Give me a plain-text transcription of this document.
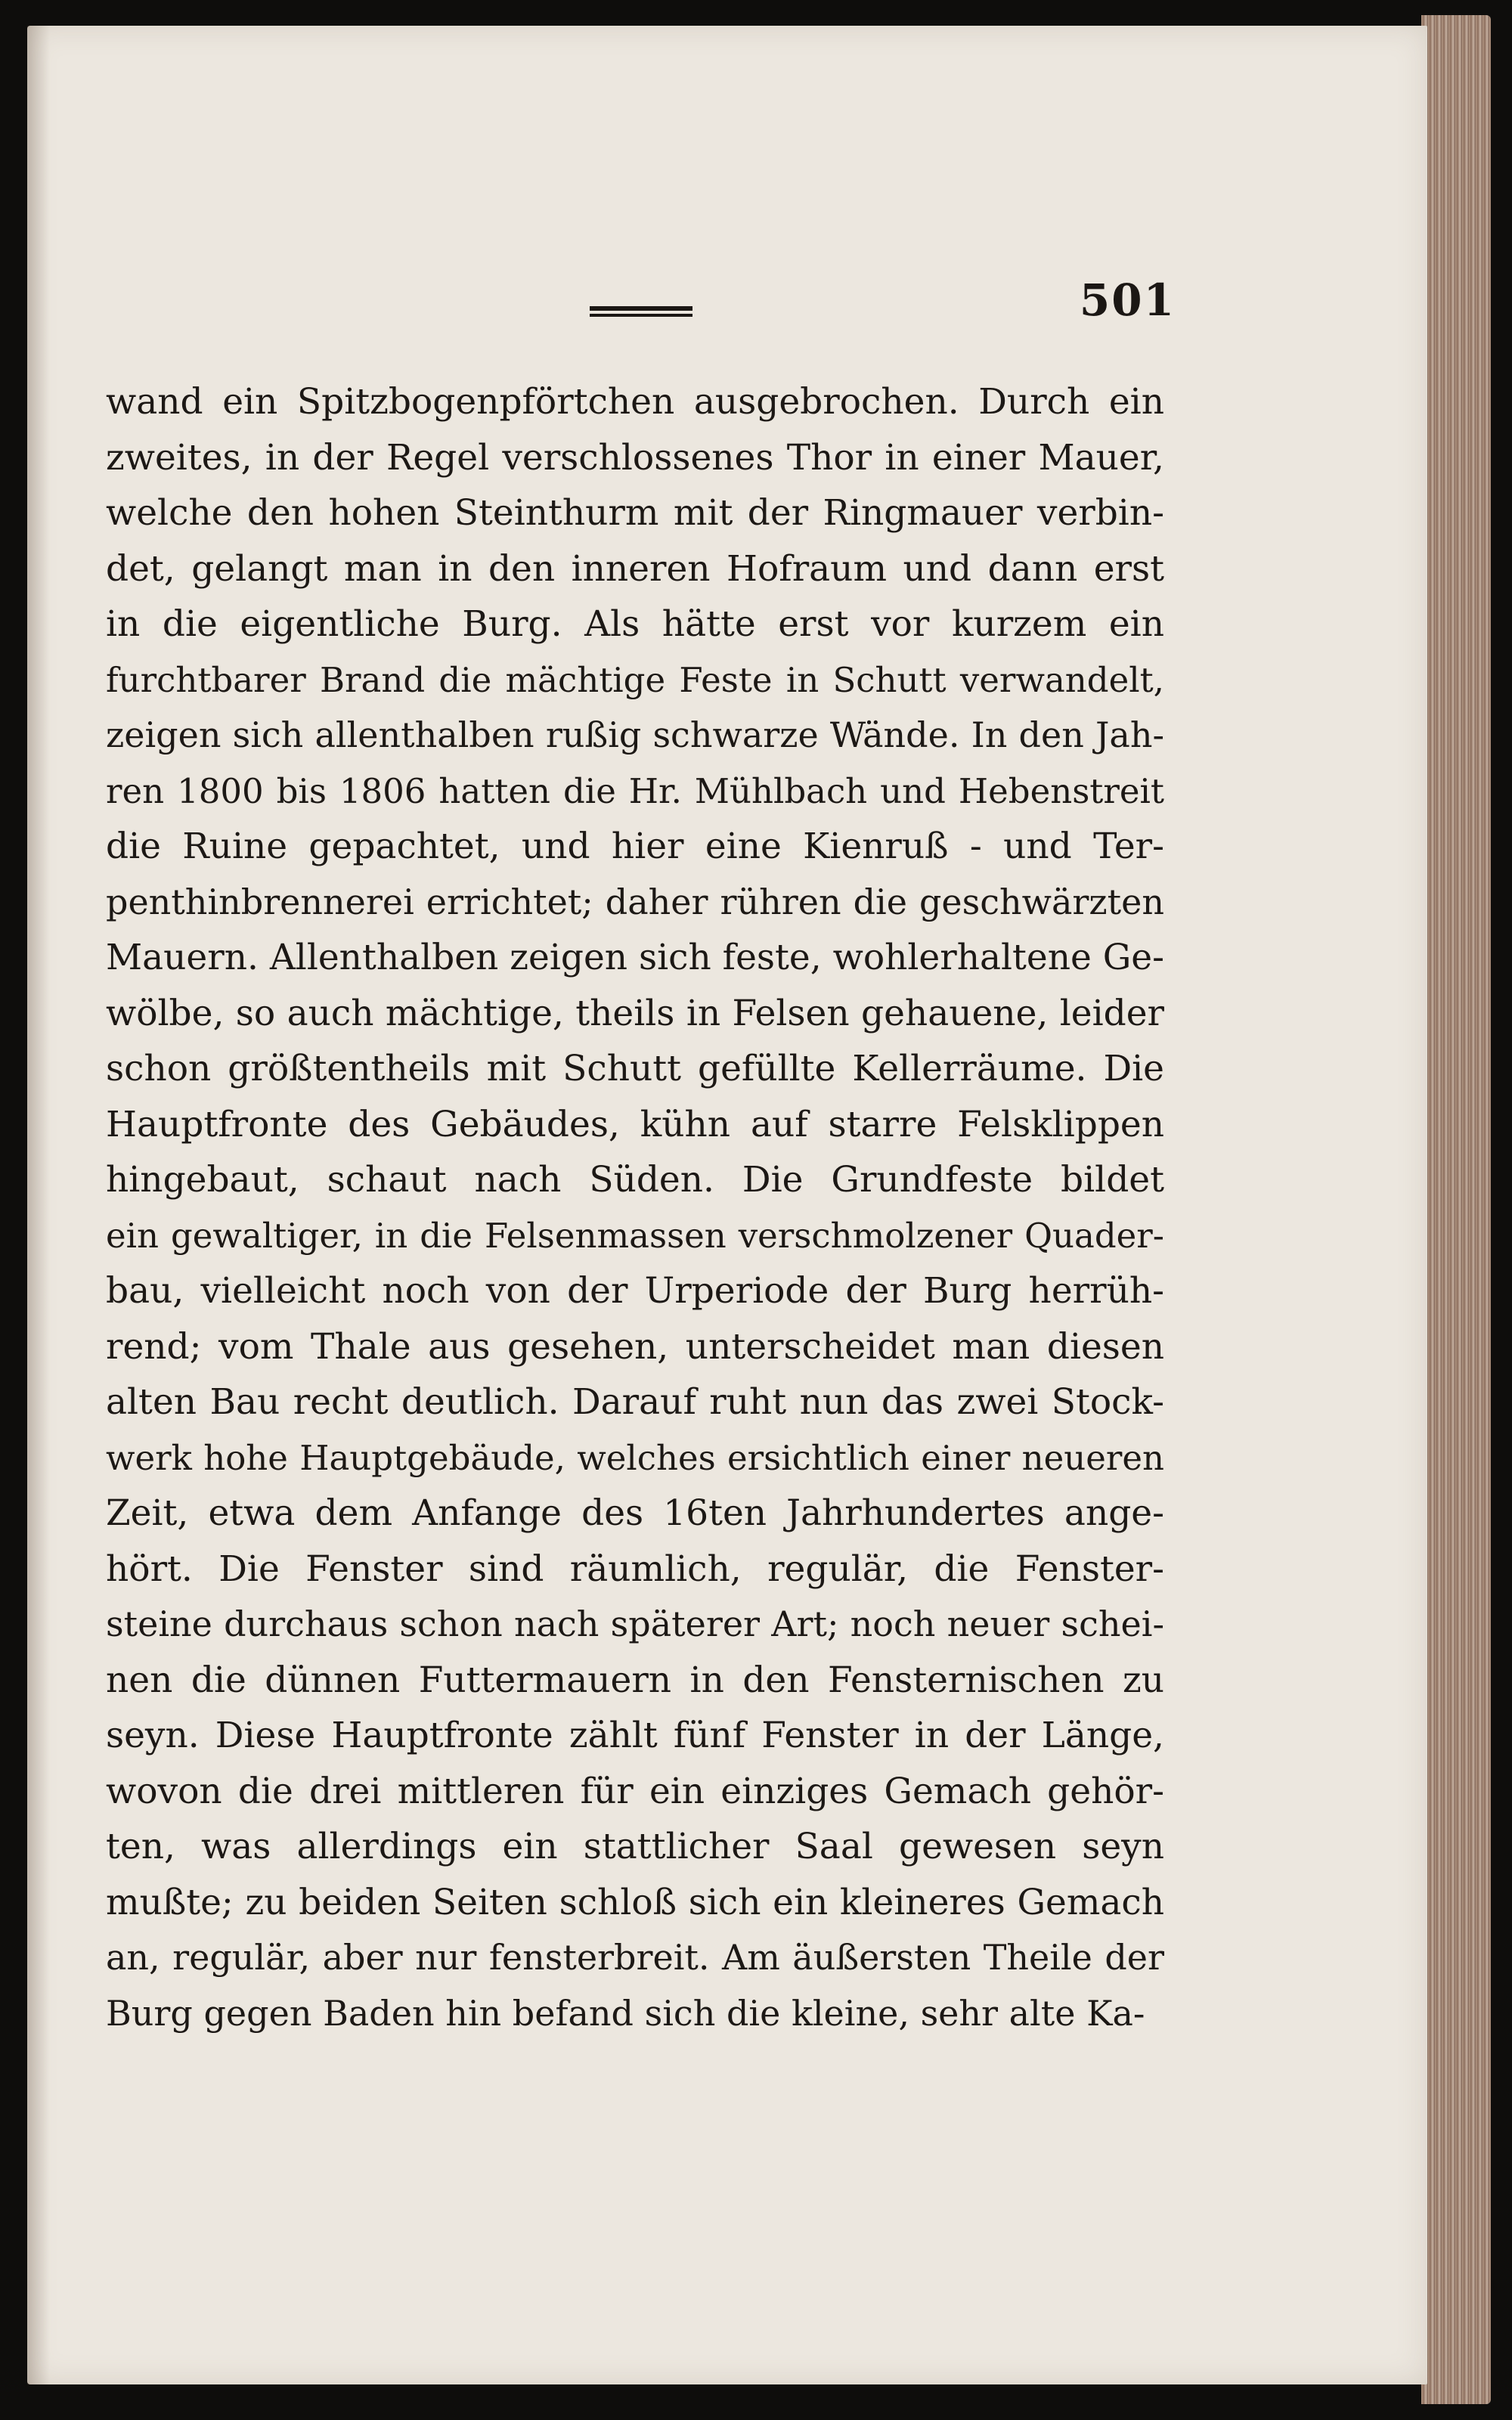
501
wand ein Spitzbogenpförtchen ausgebrochen. Durch ein
zweites, in der Regel verschlossenes Thor in einer Mauer,
welche den hohen Steinthurm mit der Ringmauer verbin-
det, gelangt man in den inneren Hofraum und dann erst
in die eigentliche Burg. Als hätte erst vor kurzem ein
furchtbarer Brand die mächtige Feste in Schutt verwandelt,
zeigen sich allenthalben rußig schwarze Wände. In den Jah-
ren 1800 bis 1806 hatten die Hr. Mühlbach und Hebenstreit
die Ruine gepachtet, und hier eine Kienruß - und Ter-
penthinbrennerei errichtet; daher rühren die geschwärzten
Mauern. Allenthalben zeigen sich feste, wohlerhaltene Ge-
wölbe, so auch mächtige, theils in Felsen gehauene, leider
schon größtentheils mit Schutt gefüllte Kellerräume. Die
Hauptfronte des Gebäudes, kühn auf starre Felsklippen
hingebaut, schaut nach Süden. Die Grundfeste bildet
ein gewaltiger, in die Felsenmassen verschmolzener Quader-
bau, vielleicht noch von der Urperiode der Burg herrüh-
rend; vom Thale aus gesehen, unterscheidet man diesen
alten Bau recht deutlich. Darauf ruht nun das zwei Stock-
werk hohe Hauptgebäude, welches ersichtlich einer neueren
Zeit, etwa dem Anfange des 16ten Jahrhundertes ange-
hört. Die Fenster sind räumlich, regulär, die Fenster-
steine durchaus schon nach späterer Art; noch neuer schei-
nen die dünnen Futtermauern in den Fensternischen zu
seyn. Diese Hauptfronte zählt fünf Fenster in der Länge,
wovon die drei mittleren für ein einziges Gemach gehör-
ten, was allerdings ein stattlicher Saal gewesen seyn
mußte; zu beiden Seiten schloß sich ein kleineres Gemach
an, regulär, aber nur fensterbreit. Am äußersten Theile der
Burg gegen Baden hin befand sich die kleine, sehr alte Ka-
